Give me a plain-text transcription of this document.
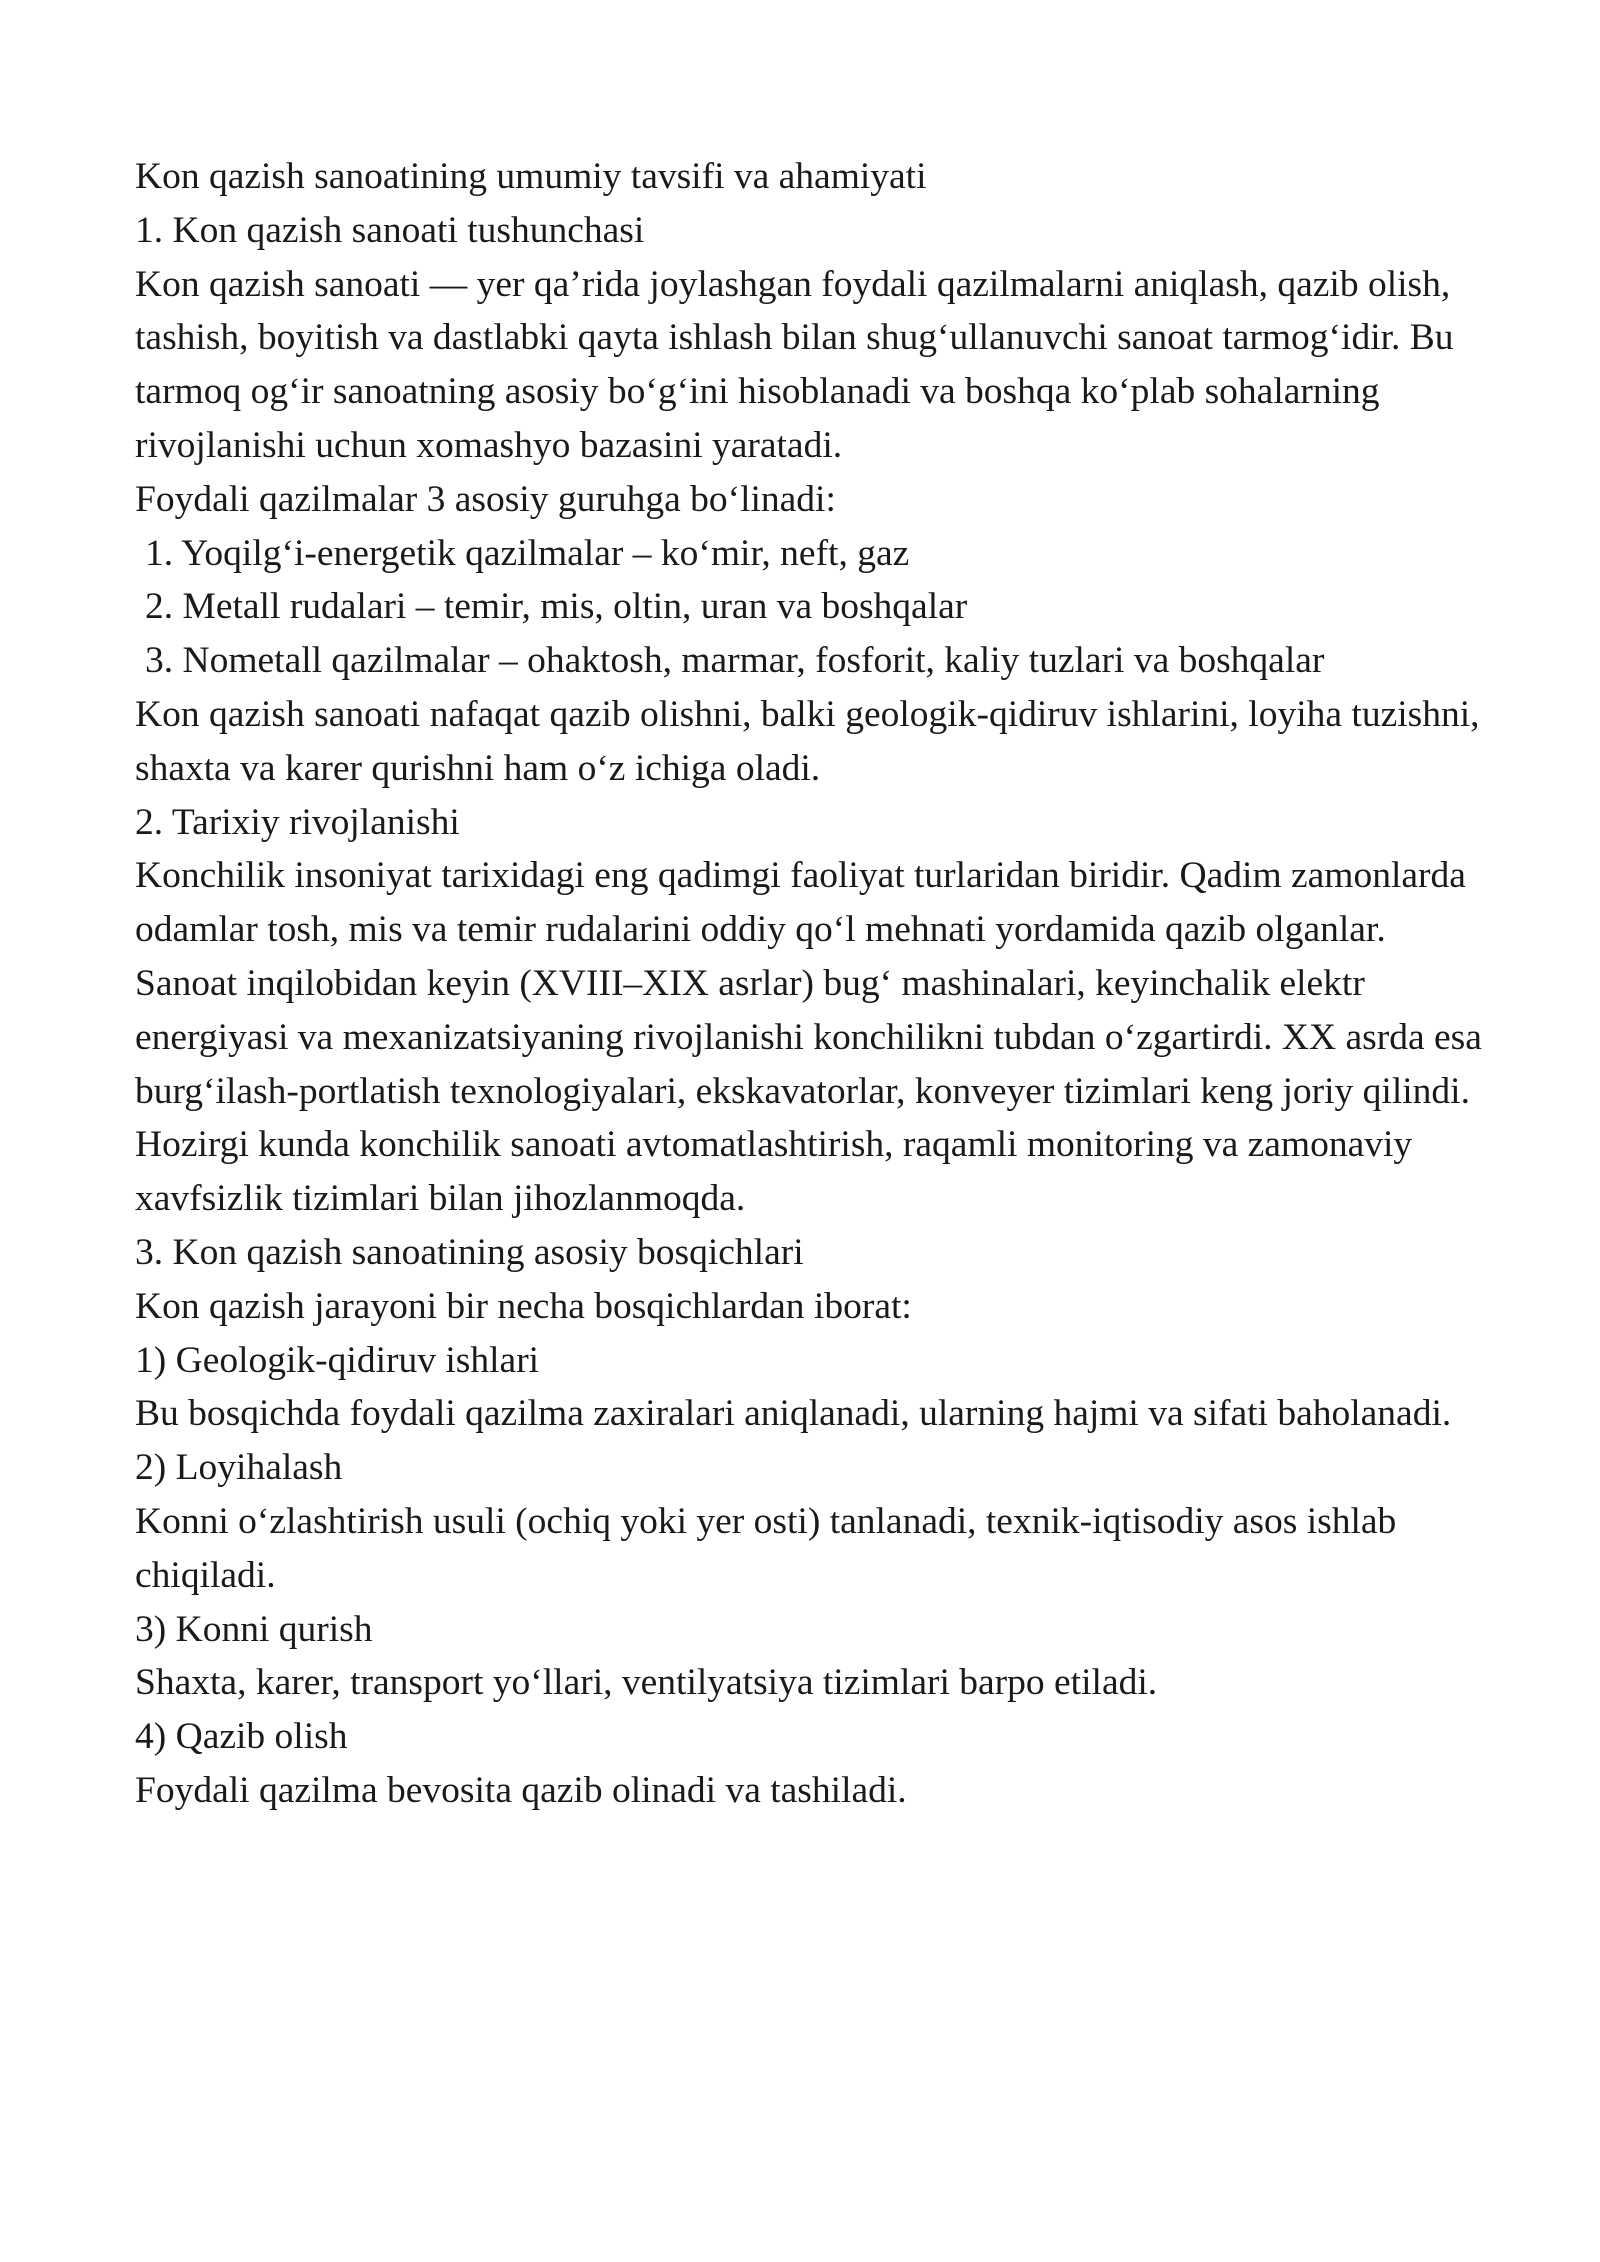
Kon qazish sanoatining umumiy tavsifi va ahamiyati

1. Kon qazish sanoati tushunchasi

Kon qazish sanoati — yer qa’rida joylashgan foydali qazilmalarni aniqlash, qazib olish, tashish, boyitish va dastlabki qayta ishlash bilan shug‘ullanuvchi sanoat tarmog‘idir. Bu tarmoq og‘ir sanoatning asosiy bo‘g‘ini hisoblanadi va boshqa ko‘plab sohalarning rivojlanishi uchun xomashyo bazasini yaratadi.

Foydali qazilmalar 3 asosiy guruhga bo‘linadi:

1. Yoqilg‘i-energetik qazilmalar – ko‘mir, neft, gaz

2. Metall rudalari – temir, mis, oltin, uran va boshqalar

3. Nometall qazilmalar – ohaktosh, marmar, fosforit, kaliy tuzlari va boshqalar

Kon qazish sanoati nafaqat qazib olishni, balki geologik-qidiruv ishlarini, loyiha tuzishni, shaxta va karer qurishni ham o‘z ichiga oladi.

2. Tarixiy rivojlanishi

Konchilik insoniyat tarixidagi eng qadimgi faoliyat turlaridan biridir. Qadim zamonlarda odamlar tosh, mis va temir rudalarini oddiy qo‘l mehnati yordamida qazib olganlar.

Sanoat inqilobidan keyin (XVIII–XIX asrlar) bug‘ mashinalari, keyinchalik elektr energiyasi va mexanizatsiyaning rivojlanishi konchilikni tubdan o‘zgartirdi. XX asrda esa burg‘ilash-portlatish texnologiyalari, ekskavatorlar, konveyer tizimlari keng joriy qilindi.

Hozirgi kunda konchilik sanoati avtomatlashtirish, raqamli monitoring va zamonaviy xavfsizlik tizimlari bilan jihozlanmoqda.

3. Kon qazish sanoatining asosiy bosqichlari

Kon qazish jarayoni bir necha bosqichlardan iborat:

1) Geologik-qidiruv ishlari

Bu bosqichda foydali qazilma zaxiralari aniqlanadi, ularning hajmi va sifati baholanadi.

2) Loyihalash

Konni o‘zlashtirish usuli (ochiq yoki yer osti) tanlanadi, texnik-iqtisodiy asos ishlab chiqiladi.

3) Konni qurish

Shaxta, karer, transport yo‘llari, ventilyatsiya tizimlari barpo etiladi.

4) Qazib olish

Foydali qazilma bevosita qazib olinadi va tashiladi.
